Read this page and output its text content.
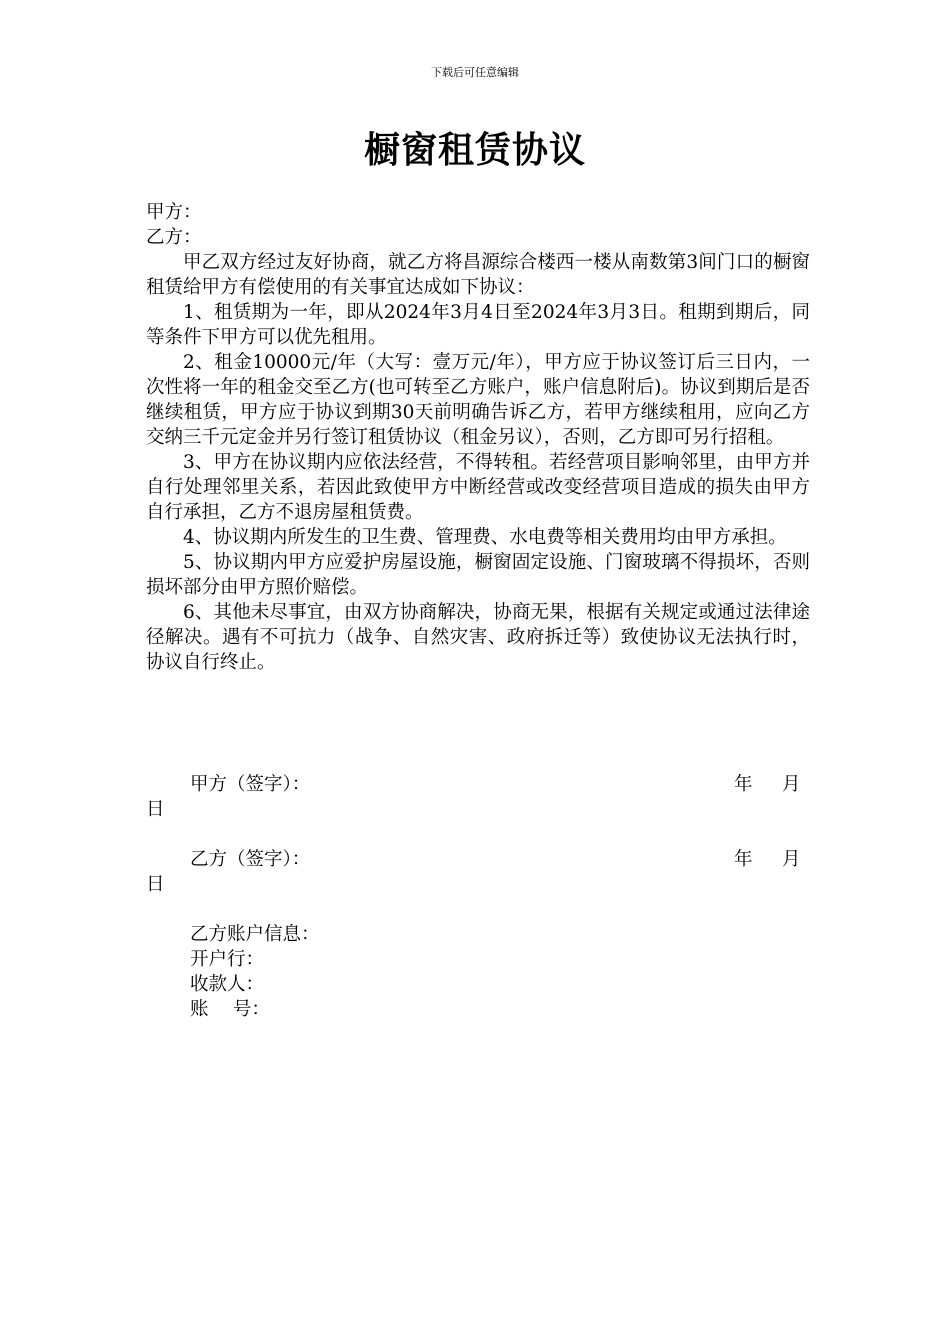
下载后可任意编辑
橱窗租赁协议

甲方：

乙方：

甲乙双方经过友好协商，就乙方将昌源综合楼西一楼从南数第3间门口的橱窗租赁给甲方有偿使用的有关事宜达成如下协议：

1、租赁期为一年，即从2024年3月4日至2024年3月3日。租期到期后，同等条件下甲方可以优先租用。

2、租金10000元/年（大写：壹万元/年），甲方应于协议签订后三日内，一次性将一年的租金交至乙方(也可转至乙方账户，账户信息附后)。协议到期后是否继续租赁，甲方应于协议到期30天前明确告诉乙方，若甲方继续租用，应向乙方交纳三千元定金并另行签订租赁协议（租金另议），否则，乙方即可另行招租。

3、甲方在协议期内应依法经营，不得转租。若经营项目影响邻里，由甲方并自行处理邻里关系，若因此致使甲方中断经营或改变经营项目造成的损失由甲方自行承担，乙方不退房屋租赁费。

4、协议期内所发生的卫生费、管理费、水电费等相关费用均由甲方承担。

5、协议期内甲方应爱护房屋设施，橱窗固定设施、门窗玻璃不得损坏，否则损坏部分由甲方照价赔偿。

6、其他未尽事宜，由双方协商解决，协商无果，根据有关规定或通过法律途径解决。遇有不可抗力（战争、自然灾害、政府拆迁等）致使协议无法执行时，协议自行终止。

甲方（签字）：	年 月
日
乙方（签字）：	年 月
日
乙方账户信息：
开户行：
收款人：
账　 号：
